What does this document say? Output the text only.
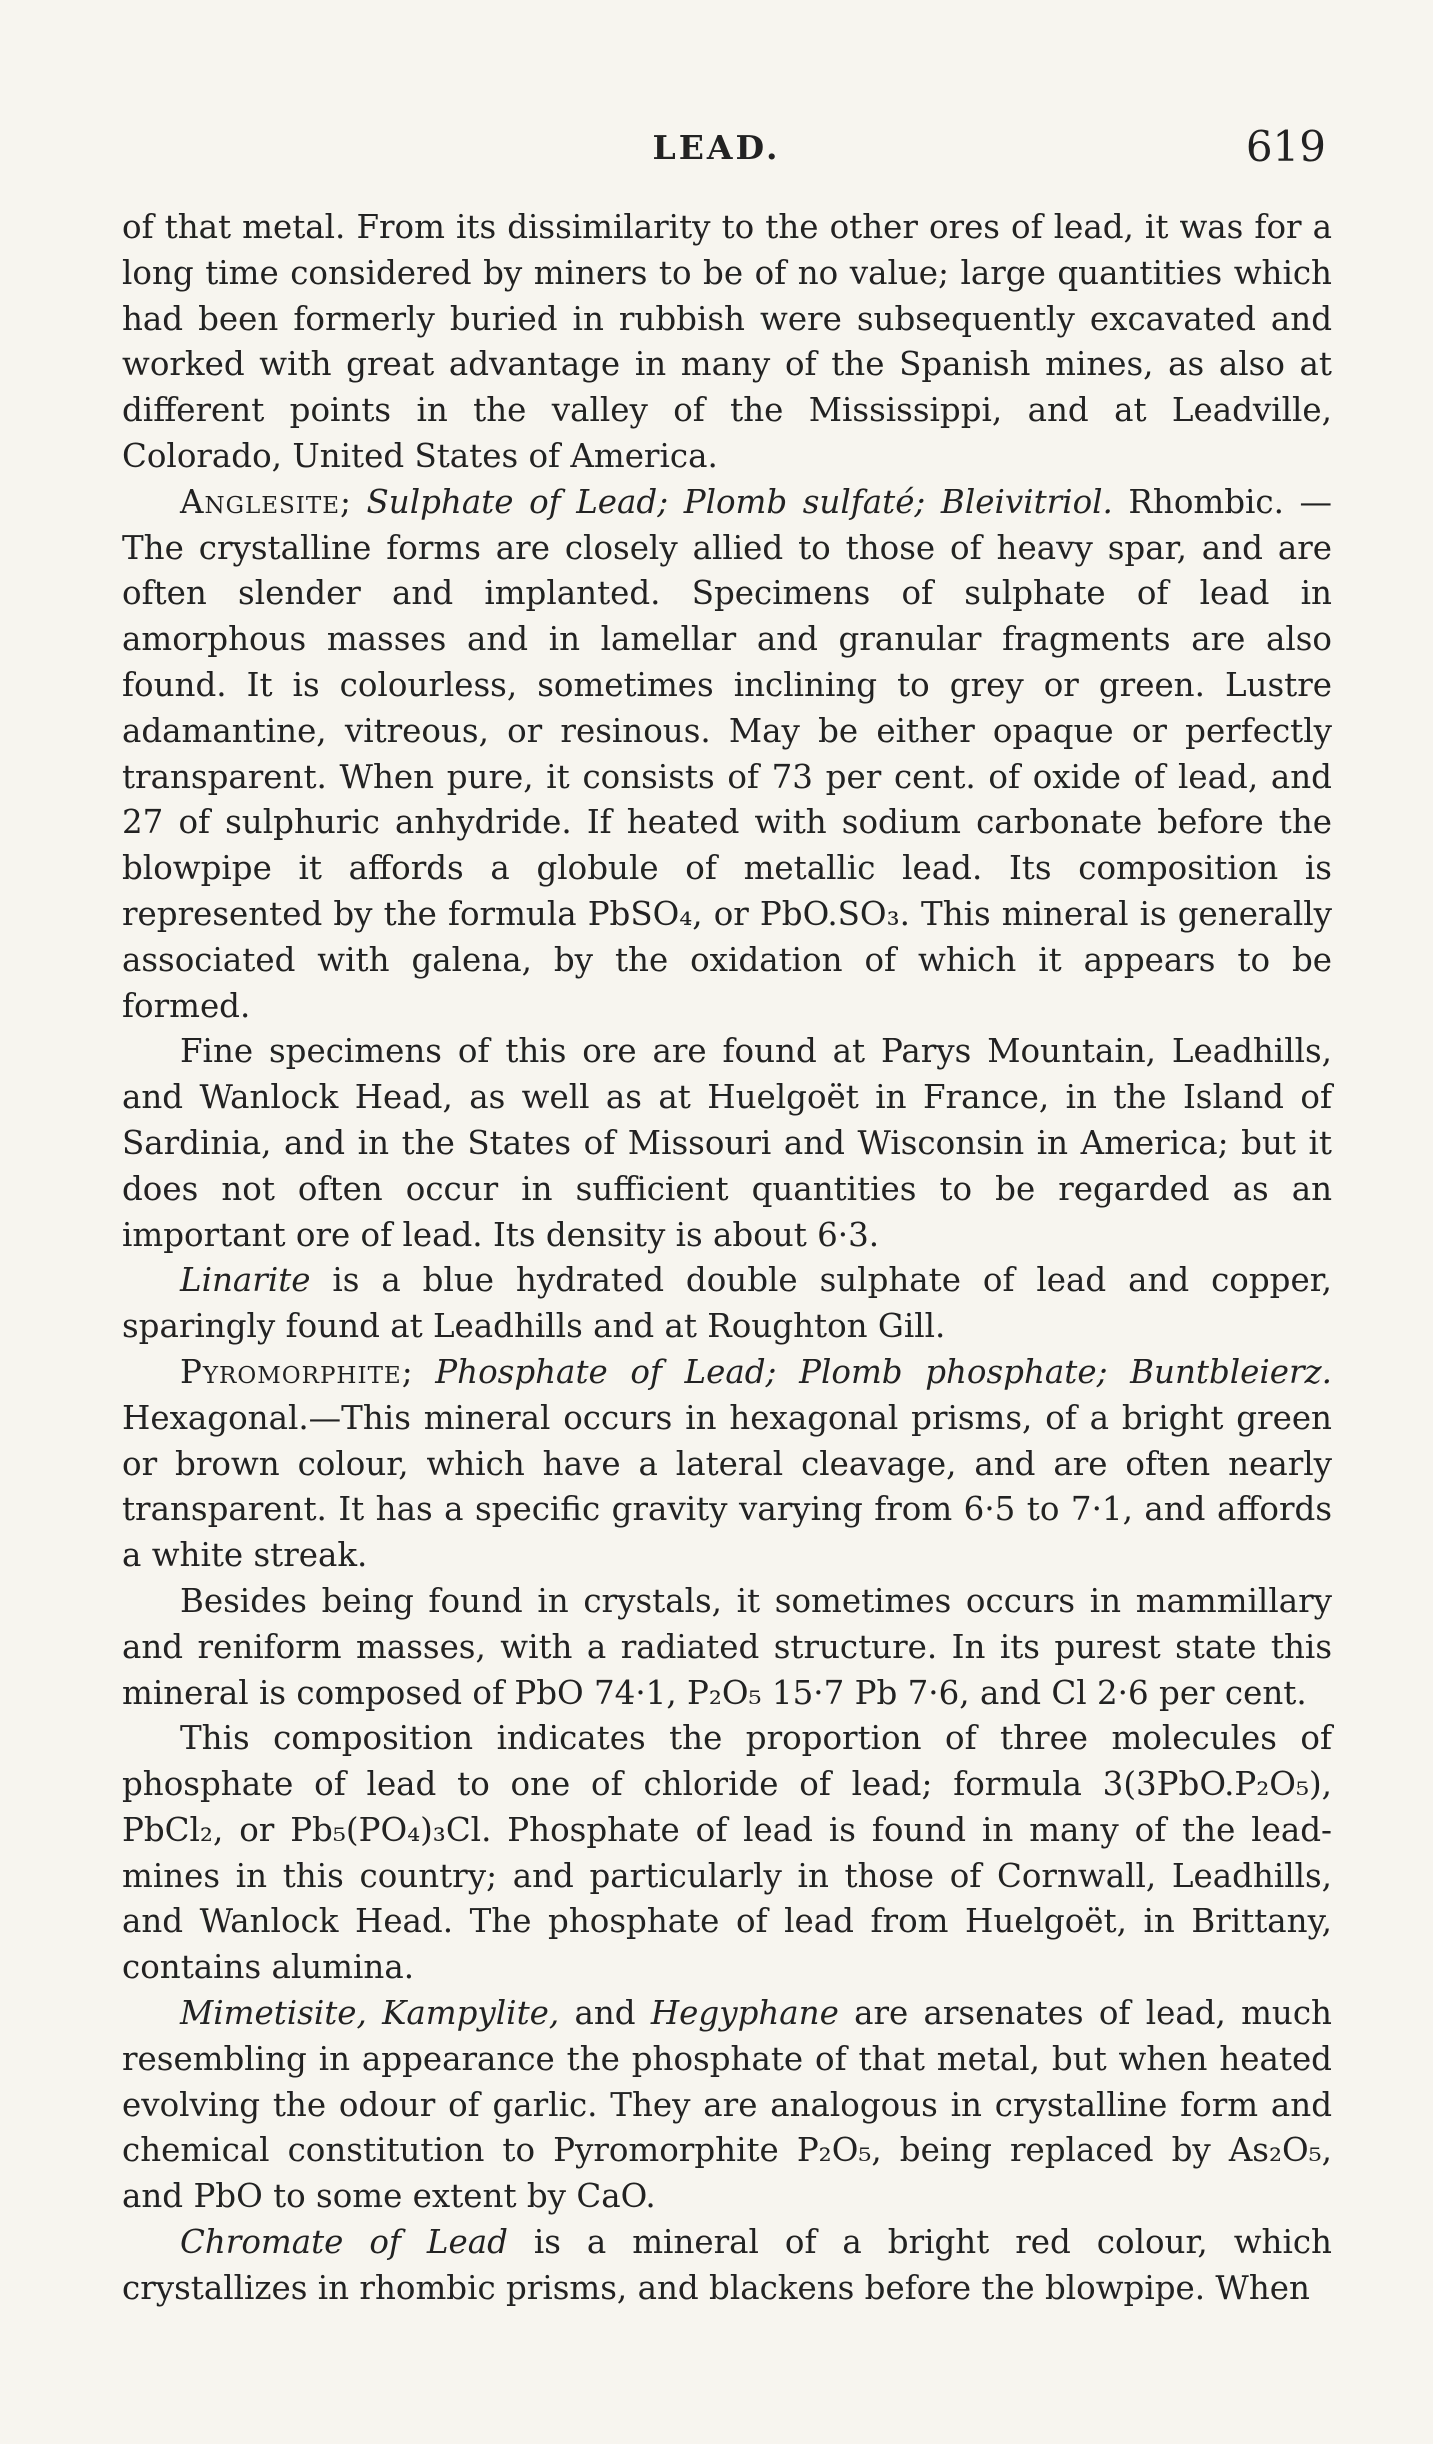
LEAD.	619

of that metal. From its dissimilarity to the other ores of lead, it was for a long time considered by miners to be of no value; large quantities which had been formerly buried in rubbish were subsequently excavated and worked with great advantage in many of the Spanish mines, as also at different points in the valley of the Mississippi, and at Leadville, Colorado, United States of America.

Anglesite; Sulphate of Lead; Plomb sulfaté; Bleivitriol. Rhombic. —The crystalline forms are closely allied to those of heavy spar, and are often slender and implanted. Specimens of sulphate of lead in amorphous masses and in lamellar and granular fragments are also found. It is colourless, sometimes inclining to grey or green. Lustre adamantine, vitreous, or resinous. May be either opaque or perfectly transparent. When pure, it consists of 73 per cent. of oxide of lead, and 27 of sulphuric anhydride. If heated with sodium carbonate before the blowpipe it affords a globule of metallic lead. Its composition is represented by the formula PbSO₄, or PbO.SO₃. This mineral is generally associated with galena, by the oxidation of which it appears to be formed.

Fine specimens of this ore are found at Parys Mountain, Leadhills, and Wanlock Head, as well as at Huelgoët in France, in the Island of Sardinia, and in the States of Missouri and Wisconsin in America; but it does not often occur in sufficient quantities to be regarded as an important ore of lead. Its density is about 6·3.

Linarite is a blue hydrated double sulphate of lead and copper, sparingly found at Leadhills and at Roughton Gill.

Pyromorphite; Phosphate of Lead; Plomb phosphate; Buntbleierz. Hexagonal.—This mineral occurs in hexagonal prisms, of a bright green or brown colour, which have a lateral cleavage, and are often nearly transparent. It has a specific gravity varying from 6·5 to 7·1, and affords a white streak.

Besides being found in crystals, it sometimes occurs in mammillary and reniform masses, with a radiated structure. In its purest state this mineral is composed of PbO 74·1, P₂O₅ 15·7 Pb 7·6, and Cl 2·6 per cent.

This composition indicates the proportion of three molecules of phosphate of lead to one of chloride of lead; formula 3(3PbO.P₂O₅), PbCl₂, or Pb₅(PO₄)₃Cl. Phosphate of lead is found in many of the lead-mines in this country; and particularly in those of Cornwall, Leadhills, and Wanlock Head. The phosphate of lead from Huelgoët, in Brittany, contains alumina.

Mimetisite, Kampylite, and Hegyphane are arsenates of lead, much resembling in appearance the phosphate of that metal, but when heated evolving the odour of garlic. They are analogous in crystalline form and chemical constitution to Pyromorphite P₂O₅, being replaced by As₂O₅, and PbO to some extent by CaO.

Chromate of Lead is a mineral of a bright red colour, which crystallizes in rhombic prisms, and blackens before the blowpipe. When
